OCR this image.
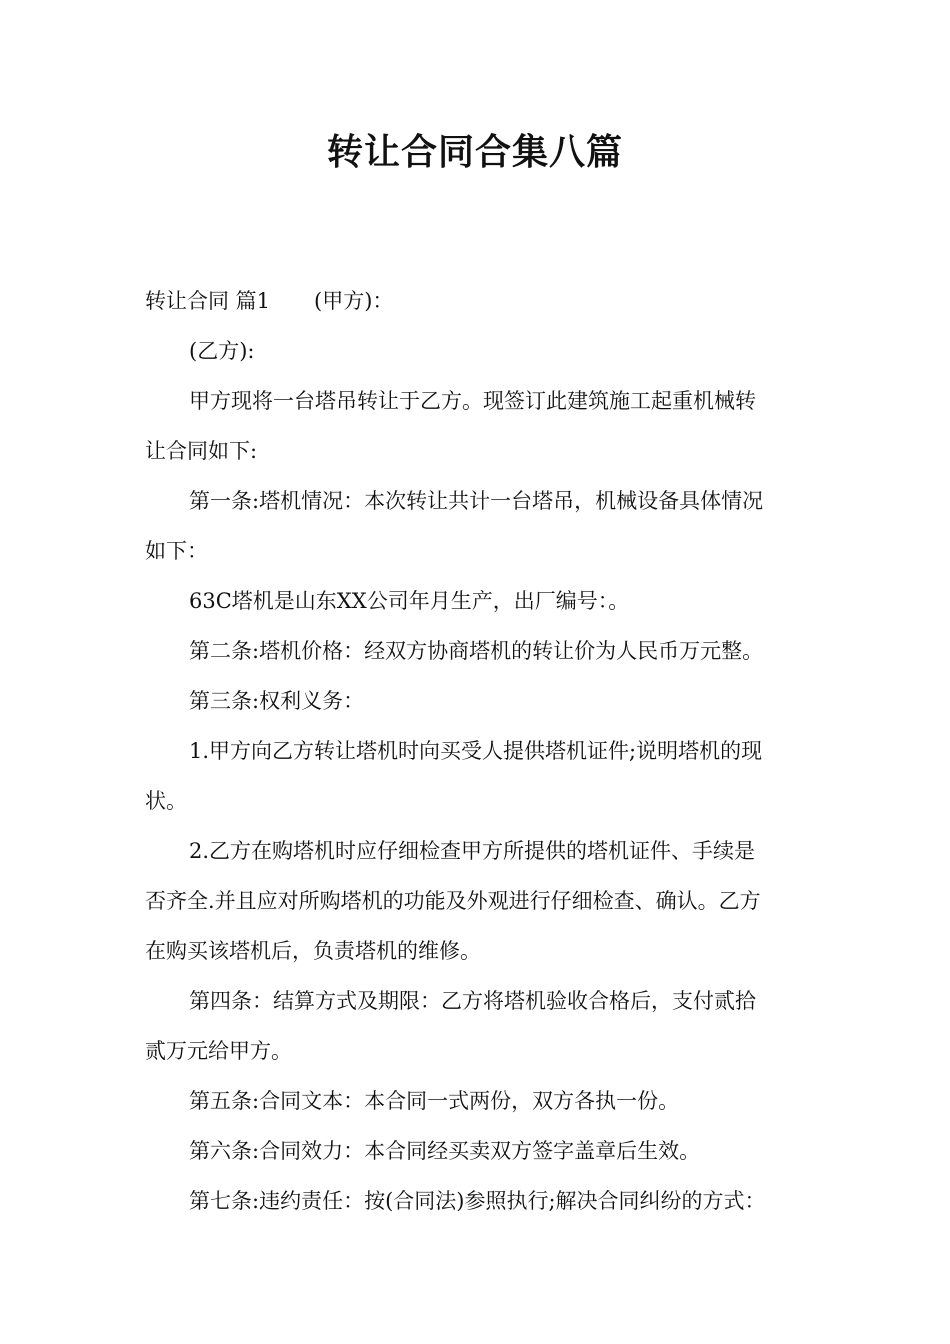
转让合同合集八篇
转让合同 篇1 (甲方)：
(乙方):
甲方现将一台塔吊转让于乙方。现签订此建筑施工起重机械转
让合同如下:
第一条:塔机情况：本次转让共计一台塔吊，机械设备具体情况
如下：
63C塔机是山东XX公司年月生产，出厂编号：。
第二条:塔机价格：经双方协商塔机的转让价为人民币万元整。
第三条:权利义务：
1.甲方向乙方转让塔机时向买受人提供塔机证件;说明塔机的现
状。
2.乙方在购塔机时应仔细检查甲方所提供的塔机证件、手续是
否齐全.并且应对所购塔机的功能及外观进行仔细检查、确认。乙方
在购买该塔机后，负责塔机的维修。
第四条：结算方式及期限：乙方将塔机验收合格后，支付贰拾
贰万元给甲方。
第五条:合同文本：本合同一式两份，双方各执一份。
第六条:合同效力：本合同经买卖双方签字盖章后生效。
第七条:违约责任：按(合同法)参照执行;解决合同纠纷的方式：
